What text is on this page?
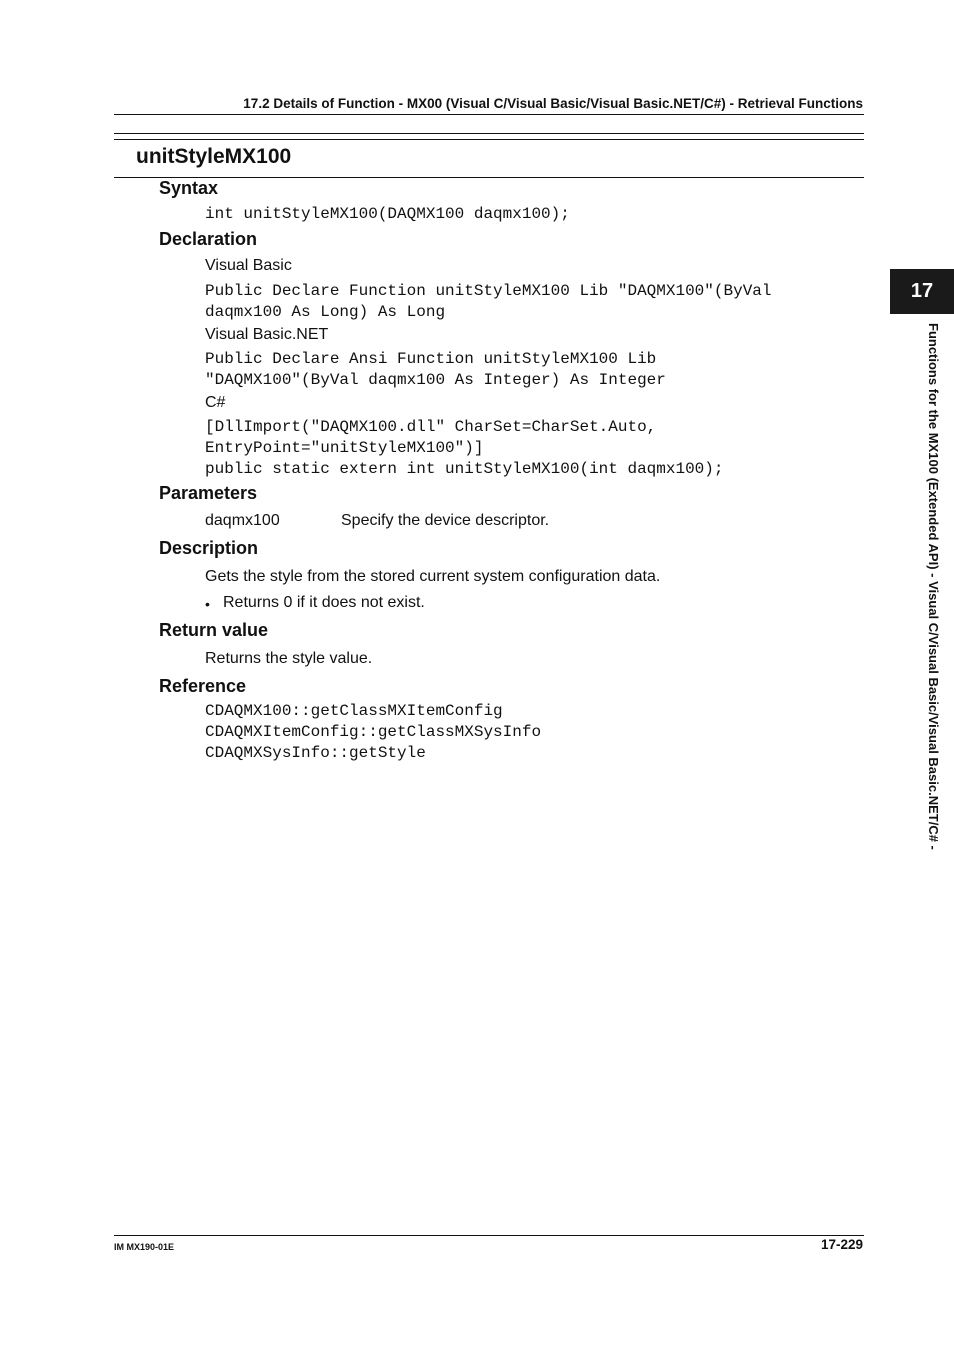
17.2 Details of Function - MX00 (Visual C/Visual Basic/Visual Basic.NET/C#) - Retrieval Functions
unitStyleMX100
Syntax
int unitStyleMX100(DAQMX100 daqmx100);
Declaration
Visual Basic
Public Declare Function unitStyleMX100 Lib "DAQMX100"(ByVal
daqmx100 As Long) As Long
Visual Basic.NET
Public Declare Ansi Function unitStyleMX100 Lib
"DAQMX100"(ByVal daqmx100 As Integer) As Integer
C#
[DllImport("DAQMX100.dll" CharSet=CharSet.Auto,
EntryPoint="unitStyleMX100")]
public static extern int unitStyleMX100(int daqmx100);
Parameters
daqmx100	Specify the device descriptor.
Description
Gets the style from the stored current system configuration data.
• Returns 0 if it does not exist.
Return value
Returns the style value.
Reference
CDAQMX100::getClassMXItemConfig
CDAQMXItemConfig::getClassMXSysInfo
CDAQMXSysInfo::getStyle
17
Functions for the MX100 (Extended API) - Visual C/Visual Basic/Visual Basic.NET/C# -
IM MX190-01E	17-229
